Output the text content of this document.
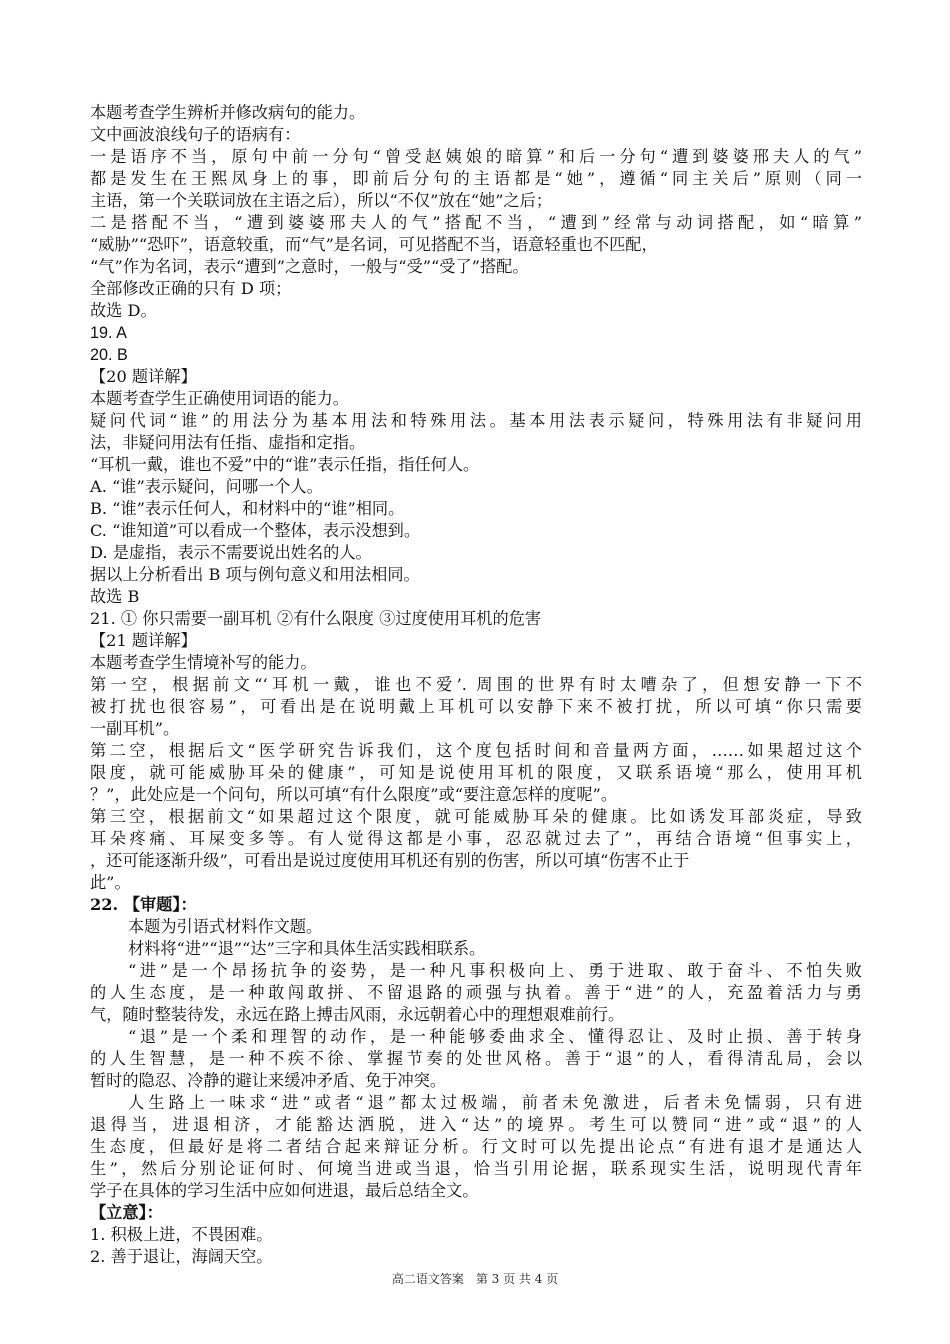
本题考查学生辨析并修改病句的能力。
文中画波浪线句子的语病有：
一是语序不当，原句中前一分句“曾受赵姨娘的暗算”和后一分句“遭到婆婆邢夫人的气”
都是发生在王熙凤身上的事，即前后分句的主语都是“她”，遵循“同主关后”原则（同一
主语，第一个关联词放在主语之后），所以“不仅”放在“她”之后；
二是搭配不当，“遭到婆婆邢夫人的气”搭配不当，“遭到”经常与动词搭配，如“暗算”
“威胁”“恐吓”，语意较重，而“气”是名词，可见搭配不当，语意轻重也不匹配，
“气”作为名词，表示“遭到”之意时，一般与“受”“受了”搭配。
全部修改正确的只有 D 项；
故选 D。
19. A
20. B
【20 题详解】
本题考查学生正确使用词语的能力。
疑问代词“谁”的用法分为基本用法和特殊用法。基本用法表示疑问，特殊用法有非疑问用
法，非疑问用法有任指、虚指和定指。
“耳机一戴，谁也不爱”中的“谁”表示任指，指任何人。
A. “谁”表示疑问，问哪一个人。
B. “谁”表示任何人，和材料中的“谁”相同。
C. “谁知道”可以看成一个整体，表示没想到。
D. 是虚指，表示不需要说出姓名的人。
据以上分析看出 B 项与例句意义和用法相同。
故选 B
21. ① 你只需要一副耳机 ②有什么限度 ③过度使用耳机的危害
【21 题详解】
本题考查学生情境补写的能力。
第一空，根据前文“‘耳机一戴，谁也不爱’. 周围的世界有时太嘈杂了，但想安静一下不
被打扰也很容易”，可看出是在说明戴上耳机可以安静下来不被打扰，所以可填“你只需要
一副耳机”。
第二空，根据后文“医学研究告诉我们，这个度包括时间和音量两方面，……如果超过这个
限度，就可能威胁耳朵的健康”，可知是说使用耳机的限度，又联系语境“那么，使用耳机
？”，此处应是一个问句，所以可填“有什么限度”或“要注意怎样的度呢”。
第三空，根据前文“如果超过这个限度，就可能威胁耳朵的健康。比如诱发耳部炎症，导致
耳朵疼痛、耳屎变多等。有人觉得这都是小事，忍忍就过去了”，再结合语境“但事实上，
，还可能逐渐升级”，可看出是说过度使用耳机还有别的伤害，所以可填“伤害不止于
此”。
22. 【审题】：
本题为引语式材料作文题。
材料将“进”“退”“达”三字和具体生活实践相联系。
“进”是一个昂扬抗争的姿势，是一种凡事积极向上、勇于进取、敢于奋斗、不怕失败
的人生态度，是一种敢闯敢拼、不留退路的顽强与执着。善于“进”的人，充盈着活力与勇
气，随时整装待发，永远在路上搏击风雨，永远朝着心中的理想艰难前行。
“退”是一个柔和理智的动作，是一种能够委曲求全、懂得忍让、及时止损、善于转身
的人生智慧，是一种不疾不徐、掌握节奏的处世风格。善于“退”的人，看得清乱局，会以
暂时的隐忍、冷静的避让来缓冲矛盾、免于冲突。
人生路上一味求“进”或者“退”都太过极端，前者未免激进，后者未免懦弱，只有进
退得当，进退相济，才能豁达洒脱，进入“达”的境界。考生可以赞同“进”或“退”的人
生态度，但最好是将二者结合起来辩证分析。行文时可以先提出论点“有进有退才是通达人
生”，然后分别论证何时、何境当进或当退，恰当引用论据，联系现实生活，说明现代青年
学子在具体的学习生活中应如何进退，最后总结全文。
【立意】：
1. 积极上进，不畏困难。
2. 善于退让，海阔天空。
高二语文答案　第 3 页 共 4 页
